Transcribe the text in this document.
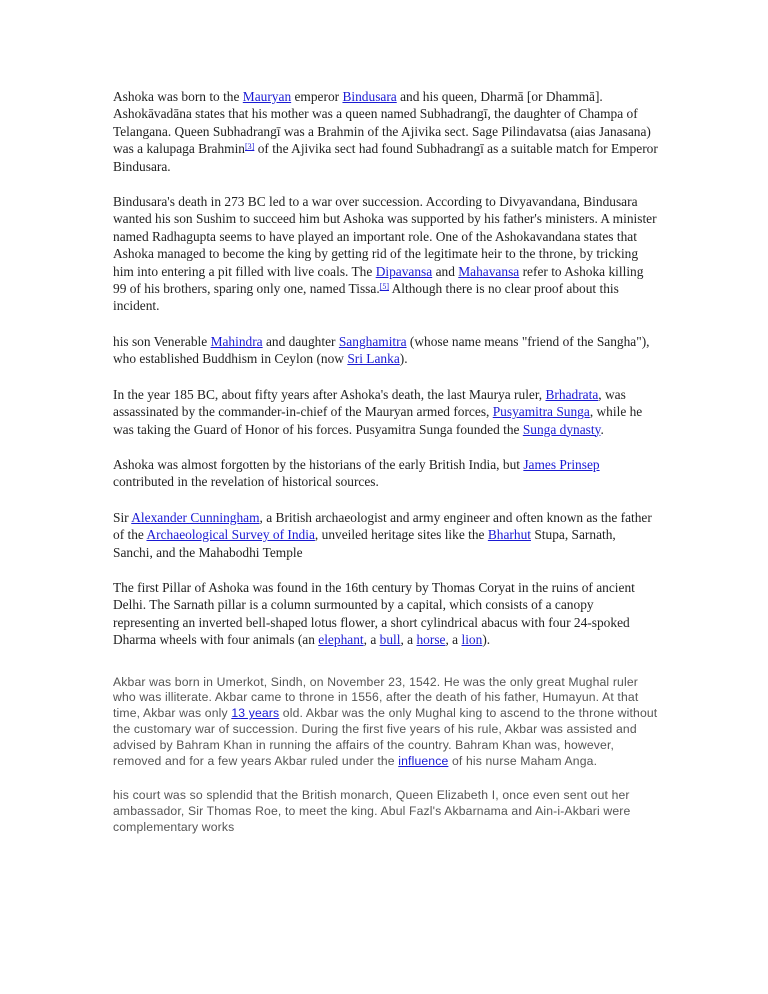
Ashoka was born to the Mauryan emperor Bindusara and his queen, Dharmā [or Dhammā]. Ashokāvadāna states that his mother was a queen named Subhadrangī, the daughter of Champa of Telangana. Queen Subhadrangī was a Brahmin of the Ajivika sect. Sage Pilindavatsa (aias Janasana) was a kalupaga Brahmin[3] of the Ajivika sect had found Subhadrangī as a suitable match for Emperor Bindusara.

Bindusara's death in 273 BC led to a war over succession. According to Divyavandana, Bindusara wanted his son Sushim to succeed him but Ashoka was supported by his father's ministers. A minister named Radhagupta seems to have played an important role. One of the Ashokavandana states that Ashoka managed to become the king by getting rid of the legitimate heir to the throne, by tricking him into entering a pit filled with live coals. The Dipavansa and Mahavansa refer to Ashoka killing 99 of his brothers, sparing only one, named Tissa.[5] Although there is no clear proof about this incident.

his son Venerable Mahindra and daughter Sanghamitra (whose name means "friend of the Sangha"), who established Buddhism in Ceylon (now Sri Lanka).

In the year 185 BC, about fifty years after Ashoka's death, the last Maurya ruler, Brhadrata, was assassinated by the commander-in-chief of the Mauryan armed forces, Pusyamitra Sunga, while he was taking the Guard of Honor of his forces. Pusyamitra Sunga founded the Sunga dynasty.

Ashoka was almost forgotten by the historians of the early British India, but James Prinsep contributed in the revelation of historical sources.

Sir Alexander Cunningham, a British archaeologist and army engineer and often known as the father of the Archaeological Survey of India, unveiled heritage sites like the Bharhut Stupa, Sarnath, Sanchi, and the Mahabodhi Temple

The first Pillar of Ashoka was found in the 16th century by Thomas Coryat in the ruins of ancient Delhi. The Sarnath pillar is a column surmounted by a capital, which consists of a canopy representing an inverted bell-shaped lotus flower, a short cylindrical abacus with four 24-spoked Dharma wheels with four animals (an elephant, a bull, a horse, a lion).

Akbar was born in Umerkot, Sindh, on November 23, 1542. He was the only great Mughal ruler who was illiterate. Akbar came to throne in 1556, after the death of his father, Humayun. At that time, Akbar was only 13 years old. Akbar was the only Mughal king to ascend to the throne without the customary war of succession. During the first five years of his rule, Akbar was assisted and advised by Bahram Khan in running the affairs of the country. Bahram Khan was, however, removed and for a few years Akbar ruled under the influence of his nurse Maham Anga.

his court was so splendid that the British monarch, Queen Elizabeth I, once even sent out her ambassador, Sir Thomas Roe, to meet the king. Abul Fazl's Akbarnama and Ain-i-Akbari were complementary works
